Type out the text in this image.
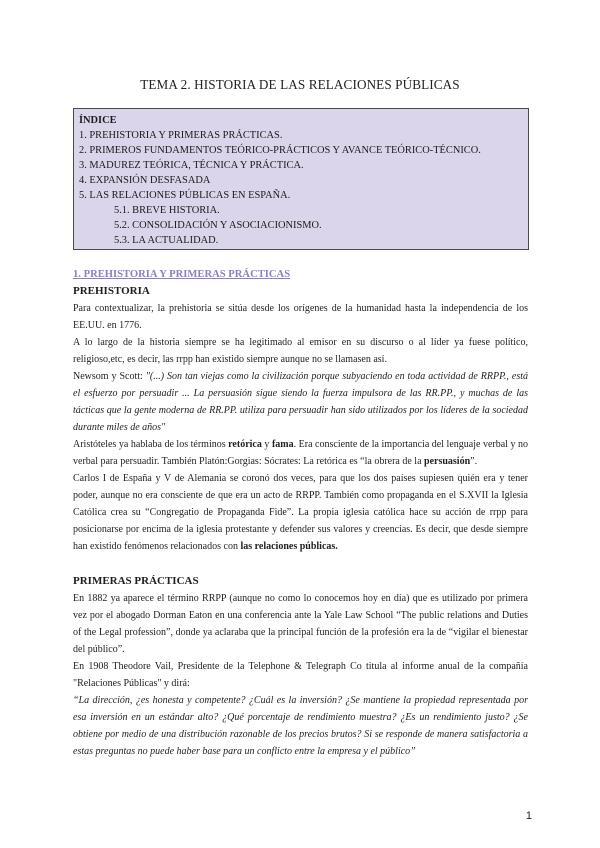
TEMA 2. HISTORIA DE LAS RELACIONES PÚBLICAS
ÍNDICE
1. PREHISTORIA Y PRIMERAS PRÁCTICAS.
2. PRIMEROS FUNDAMENTOS TEÓRICO-PRÁCTICOS Y AVANCE TEÓRICO-TÉCNICO.
3. MADUREZ TEÓRICA, TÉCNICA Y PRÁCTICA.
4. EXPANSIÓN DESFASADA
5. LAS RELACIONES PÚBLICAS EN ESPAÑA.
5.1. BREVE HISTORIA.
5.2. CONSOLIDACIÓN Y ASOCIACIONISMO.
5.3. LA ACTUALIDAD.

1. PREHISTORIA Y PRIMERAS PRÁCTICAS

PREHISTORIA

Para contextualizar, la prehistoria se sitúa desde los orígenes de la humanidad hasta la independencia de los EE.UU. en 1776.

A lo largo de la historia siempre se ha legitimado al emisor en su discurso o al líder ya fuese político, religioso,etc, es decir, las rrpp han existido siempre aunque no se llamasen así.

Newsom y Scott: "(...) Son tan viejas como la civilización porque subyaciendo en toda actividad de RRPP., está el esfuerzo por persuadir ... La persuasión sigue siendo la fuerza impulsora de las RR.PP., y muchas de las tácticas que la gente moderna de RR.PP. utiliza para persuadir han sido utilizados por los líderes de la sociedad durante miles de años"

Aristóteles ya hablaba de los términos retórica y fama. Era consciente de la importancia del lenguaje verbal y no verbal para persuadir. También Platón:Gorgias: Sócrates: La retórica es “la obrera de la persuasión”.

Carlos I de España y V de Alemania se coronó dos veces, para que los dos países supiesen quién era y tener poder, aunque no era consciente de que era un acto de RRPP. También como propaganda en el S.XVII la Iglesia Católica crea su “Congregatio de Propaganda Fide”. La propia iglesia católica hace su acción de rrpp para posicionarse por encima de la iglesia protestante y defender sus valores y creencias. Es decir, que desde siempre han existido fenómenos relacionados con las relaciones públicas.

PRIMERAS PRÁCTICAS

En 1882 ya aparece el término RRPP (aunque no como lo conocemos hoy en día) que es utilizado por primera vez por el abogado Dorman Eaton en una conferencia ante la Yale Law School “The public relations and Duties of the Legal profession”, donde ya aclaraba que la principal función de la profesión era la de “vigilar el bienestar del público”.

En 1908 Theodore Vail, Presidente de la Telephone & Telegraph Co titula al informe anual de la compañía "Relaciones Públicas" y dirá:

“La dirección, ¿es honesta y competente? ¿Cuál es la inversión? ¿Se mantiene la propiedad representada por esa inversión en un estándar alto? ¿Qué porcentaje de rendimiento muestra? ¿Es un rendimiento justo? ¿Se obtiene por medio de una distribución razonable de los precios brutos? Si se responde de manera satisfactoria a estas preguntas no puede haber base para un conflicto entre la empresa y el público”

1
